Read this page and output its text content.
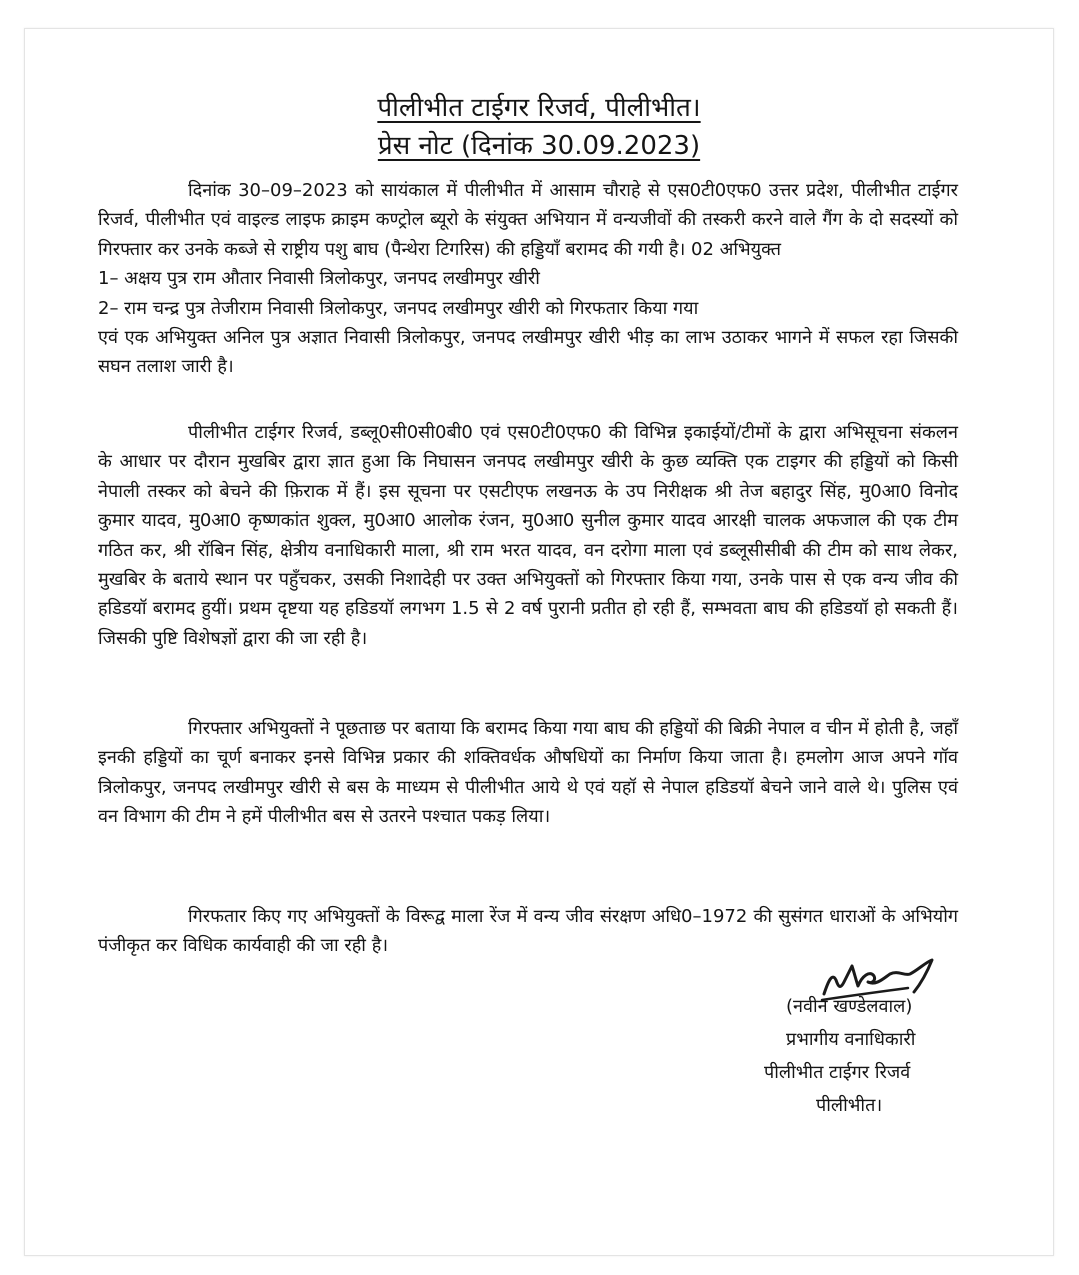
पीलीभीत टाईगर रिजर्व, पीलीभीत।
प्रेस नोट (दिनांक 30.09.2023)

दिनांक 30–09–2023 को सायंकाल में पीलीभीत में आसाम चौराहे से एस0टी0एफ0 उत्तर प्रदेश, पीलीभीत टाईगर रिजर्व, पीलीभीत एवं वाइल्ड लाइफ क्राइम कण्ट्रोल ब्यूरो के संयुक्त अभियान में वन्यजीवों की तस्करी करने वाले गैंग के दो सदस्यों को गिरफ्तार कर उनके कब्जे से राष्ट्रीय पशु बाघ (पैन्थेरा टिगरिस) की हड्डियाँ बरामद की गयी है। 02 अभियुक्त

1– अक्षय पुत्र राम औतार निवासी त्रिलोकपुर, जनपद लखीमपुर खीरी

2– राम चन्द्र पुत्र तेजीराम निवासी त्रिलोकपुर, जनपद लखीमपुर खीरी को गिरफतार किया गया

एवं एक अभियुक्त अनिल पुत्र अज्ञात निवासी त्रिलोकपुर, जनपद लखीमपुर खीरी भीड़ का लाभ उठाकर भागने में सफल रहा जिसकी सघन तलाश जारी है।

पीलीभीत टाईगर रिजर्व, डब्लू0सी0सी0बी0 एवं एस0टी0एफ0 की विभिन्न इकाईयों/टीमों के द्वारा अभिसूचना संकलन के आधार पर दौरान मुखबिर द्वारा ज्ञात हुआ कि निघासन जनपद लखीमपुर खीरी के कुछ व्यक्ति एक टाइगर की हड्डियों को किसी नेपाली तस्कर को बेचने की फ़िराक में हैं। इस सूचना पर एसटीएफ लखनऊ के उप निरीक्षक श्री तेज बहादुर सिंह, मु0आ0 विनोद कुमार यादव, मु0आ0 कृष्णकांत शुक्ल, मु0आ0 आलोक रंजन, मु0आ0 सुनील कुमार यादव आरक्षी चालक अफजाल की एक टीम गठित कर, श्री रॉबिन सिंह, क्षेत्रीय वनाधिकारी माला, श्री राम भरत यादव, वन दरोगा माला एवं डब्लूसीसीबी की टीम को साथ लेकर, मुखबिर के बताये स्थान पर पहुँचकर, उसकी निशादेही पर उक्त अभियुक्तों को गिरफ्तार किया गया, उनके पास से एक वन्य जीव की हडिडयॉ बरामद हुयीं। प्रथम दृष्टया यह हडिडयॉ लगभग 1.5 से 2 वर्ष पुरानी प्रतीत हो रही हैं, सम्भवता बाघ की हडिडयॉ हो सकती हैं। जिसकी पुष्टि विशेषज्ञों द्वारा की जा रही है।

गिरफ्तार अभियुक्तों ने पूछताछ पर बताया कि बरामद किया गया बाघ की हड्डियों की बिक्री नेपाल व चीन में होती है, जहाँ इनकी हड्डियों का चूर्ण बनाकर इनसे विभिन्न प्रकार की शक्तिवर्धक औषधियों का निर्माण किया जाता है। हमलोग आज अपने गॉव त्रिलोकपुर, जनपद लखीमपुर खीरी से बस के माध्यम से पीलीभीत आये थे एवं यहॉ से नेपाल हडिडयॉ बेचने जाने वाले थे। पुलिस एवं वन विभाग की टीम ने हमें पीलीभीत बस से उतरने पश्चात पकड़ लिया।

गिरफतार किए गए अभियुक्तों के विरूद्व माला रेंज में वन्य जीव संरक्षण अधि0–1972 की सुसंगत धाराओं के अभियोग पंजीकृत कर विधिक कार्यवाही की जा रही है।

(नवीन खण्डेलवाल)
प्रभागीय वनाधिकारी
पीलीभीत टाईगर रिजर्व
पीलीभीत।
